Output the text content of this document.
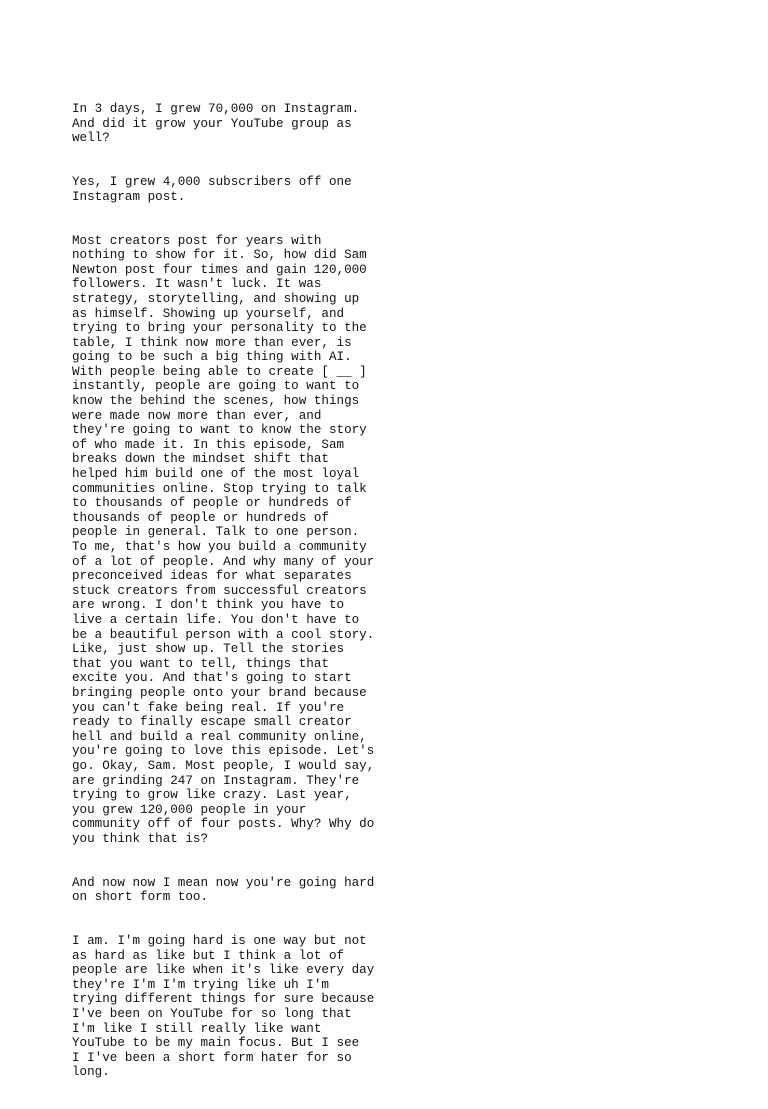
In 3 days, I grew 70,000 on Instagram.
And did it grow your YouTube group as
well?

Yes, I grew 4,000 subscribers off one
Instagram post.

Most creators post for years with
nothing to show for it. So, how did Sam
Newton post four times and gain 120,000
followers. It wasn't luck. It was
strategy, storytelling, and showing up
as himself. Showing up yourself, and
trying to bring your personality to the
table, I think now more than ever, is
going to be such a big thing with AI.
With people being able to create [ __ ]
instantly, people are going to want to
know the behind the scenes, how things
were made now more than ever, and
they're going to want to know the story
of who made it. In this episode, Sam
breaks down the mindset shift that
helped him build one of the most loyal
communities online. Stop trying to talk
to thousands of people or hundreds of
thousands of people or hundreds of
people in general. Talk to one person.
To me, that's how you build a community
of a lot of people. And why many of your
preconceived ideas for what separates
stuck creators from successful creators
are wrong. I don't think you have to
live a certain life. You don't have to
be a beautiful person with a cool story.
Like, just show up. Tell the stories
that you want to tell, things that
excite you. And that's going to start
bringing people onto your brand because
you can't fake being real. If you're
ready to finally escape small creator
hell and build a real community online,
you're going to love this episode. Let's
go. Okay, Sam. Most people, I would say,
are grinding 247 on Instagram. They're
trying to grow like crazy. Last year,
you grew 120,000 people in your
community off of four posts. Why? Why do
you think that is?

And now now I mean now you're going hard
on short form too.

I am. I'm going hard is one way but not
as hard as like but I think a lot of
people are like when it's like every day
they're I'm I'm trying like uh I'm
trying different things for sure because
I've been on YouTube for so long that
I'm like I still really like want
YouTube to be my main focus. But I see
I I've been a short form hater for so
long.
